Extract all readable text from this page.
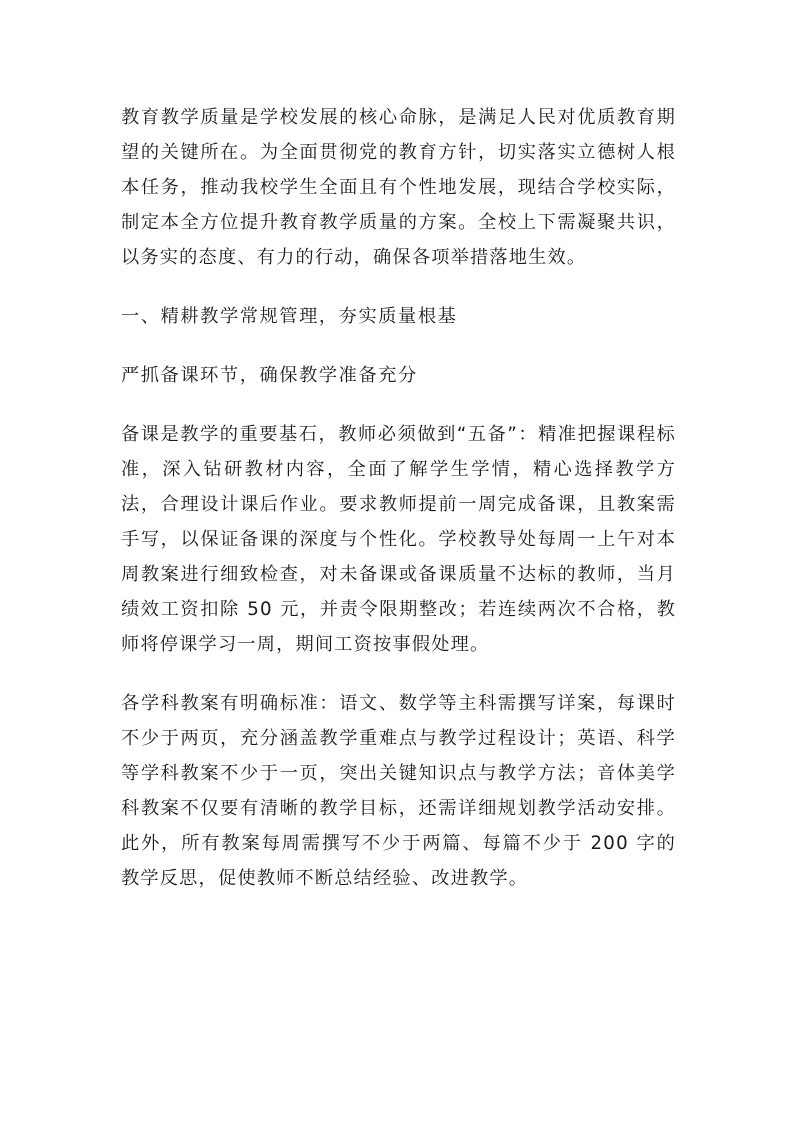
教育教学质量是学校发展的核心命脉，是满足人民对优质教育期望的关键所在。为全面贯彻党的教育方针，切实落实立德树人根本任务，推动我校学生全面且有个性地发展，现结合学校实际，制定本全方位提升教育教学质量的方案。全校上下需凝聚共识，以务实的态度、有力的行动，确保各项举措落地生效。

一、精耕教学常规管理，夯实质量根基

严抓备课环节，确保教学准备充分

备课是教学的重要基石，教师必须做到“五备”：精准把握课程标准，深入钻研教材内容，全面了解学生学情，精心选择教学方法，合理设计课后作业。要求教师提前一周完成备课，且教案需手写，以保证备课的深度与个性化。学校教导处每周一上午对本周教案进行细致检查，对未备课或备课质量不达标的教师，当月绩效工资扣除 50 元，并责令限期整改；若连续两次不合格，教师将停课学习一周，期间工资按事假处理。

各学科教案有明确标准：语文、数学等主科需撰写详案，每课时不少于两页，充分涵盖教学重难点与教学过程设计；英语、科学等学科教案不少于一页，突出关键知识点与教学方法；音体美学科教案不仅要有清晰的教学目标，还需详细规划教学活动安排。此外，所有教案每周需撰写不少于两篇、每篇不少于 200 字的教学反思，促使教师不断总结经验、改进教学。
